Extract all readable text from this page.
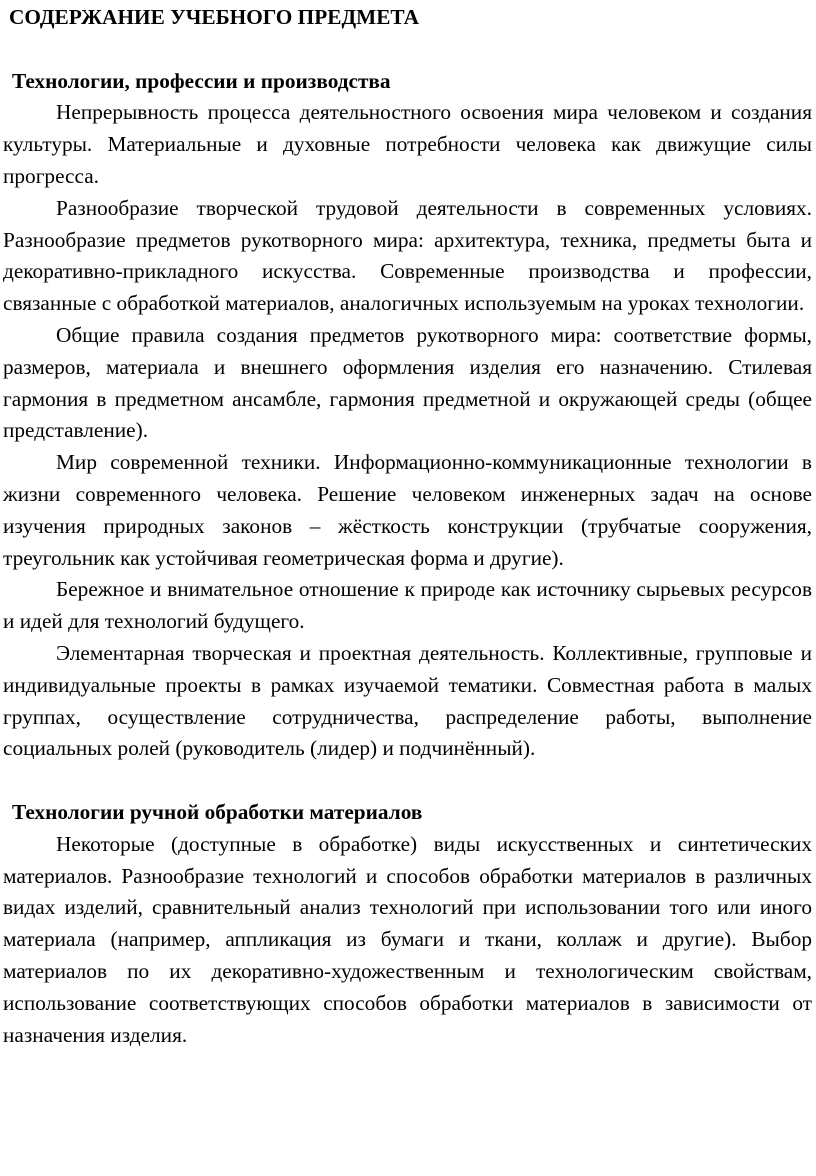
СОДЕРЖАНИЕ УЧЕБНОГО ПРЕДМЕТА
Технологии, профессии и производства

Непрерывность процесса деятельностного освоения мира человеком и создания культуры. Материальные и духовные потребности человека как движущие силы прогресса.

Разнообразие творческой трудовой деятельности в современных условиях. Разнообразие предметов рукотворного мира: архитектура, техника, предметы быта и декоративно-прикладного искусства. Современные производства и профессии, связанные с обработкой материалов, аналогичных используемым на уроках технологии.

Общие правила создания предметов рукотворного мира: соответствие формы, размеров, материала и внешнего оформления изделия его назначению. Стилевая гармония в предметном ансамбле, гармония предметной и окружающей среды (общее представление).

Мир современной техники. Информационно-коммуникационные технологии в жизни современного человека. Решение человеком инженерных задач на основе изучения природных законов – жёсткость конструкции (трубчатые сооружения, треугольник как устойчивая геометрическая форма и другие).

Бережное и внимательное отношение к природе как источнику сырьевых ресурсов и идей для технологий будущего.

Элементарная творческая и проектная деятельность. Коллективные, групповые и индивидуальные проекты в рамках изучаемой тематики. Совместная работа в малых группах, осуществление сотрудничества, распределение работы, выполнение социальных ролей (руководитель (лидер) и подчинённый).

Технологии ручной обработки материалов

Некоторые (доступные в обработке) виды искусственных и синтетических материалов. Разнообразие технологий и способов обработки материалов в различных видах изделий, сравнительный анализ технологий при использовании того или иного материала (например, аппликация из бумаги и ткани, коллаж и другие). Выбор материалов по их декоративно-художественным и технологическим свойствам, использование соответствующих способов обработки материалов в зависимости от назначения изделия.
